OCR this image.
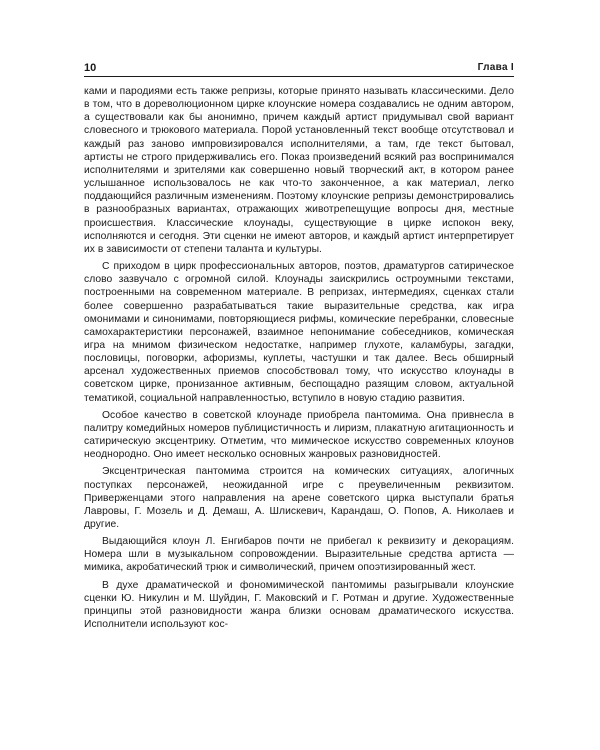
10	Глава I

ками и пародиями есть также репризы, которые принято называть классическими. Дело в том, что в дореволюционном цирке клоунские номера создавались не одним автором, а существовали как бы анонимно, причем каждый артист придумывал свой вариант словесного и трюкового материала. Порой установленный текст вообще отсутствовал и каждый раз заново импровизировался исполнителями, а там, где текст бытовал, артисты не строго придерживались его. Показ произведений всякий раз воспринимался исполнителями и зрителями как совершенно новый творческий акт, в котором ранее услышанное использовалось не как что-то законченное, а как материал, легко поддающийся различным изменениям. Поэтому клоунские репризы демонстрировались в разнообразных вариантах, отражающих животрепещущие вопросы дня, местные происшествия. Классические клоунады, существующие в цирке испокон веку, исполняются и сегодня. Эти сценки не имеют авторов, и каждый артист интерпретирует их в зависимости от степени таланта и культуры.

С приходом в цирк профессиональных авторов, поэтов, драматургов сатирическое слово зазвучало с огромной силой. Клоунады заискрились остроумными текстами, построенными на современном материале. В репризах, интермедиях, сценках стали более совершенно разрабатываться такие выразительные средства, как игра омонимами и синонимами, повторяющиеся рифмы, комические перебранки, словесные самохарактеристики персонажей, взаимное непонимание собеседников, комическая игра на мнимом физическом недостатке, например глухоте, каламбуры, загадки, пословицы, поговорки, афоризмы, куплеты, частушки и так далее. Весь обширный арсенал художественных приемов способствовал тому, что искусство клоунады в советском цирке, пронизанное активным, беспощадно разящим словом, актуальной тематикой, социальной направленностью, вступило в новую стадию развития.

Особое качество в советской клоунаде приобрела пантомима. Она привнесла в палитру комедийных номеров публицистичность и лиризм, плакатную агитационность и сатирическую эксцентрику. Отметим, что мимическое искусство современных клоунов неоднородно. Оно имеет несколько основных жанровых разновидностей.

Эксцентрическая пантомима строится на комических ситуациях, алогичных поступках персонажей, неожиданной игре с преувеличенным реквизитом. Приверженцами этого направления на арене советского цирка выступали братья Лавровы, Г. Мозель и Д. Демаш, А. Шлискевич, Карандаш, О. Попов, А. Николаев и другие.

Выдающийся клоун Л. Енгибаров почти не прибегал к реквизиту и декорациям. Номера шли в музыкальном сопровождении. Выразительные средства артиста — мимика, акробатический трюк и символический, причем опоэтизированный жест.

В духе драматической и фономимической пантомимы разыгрывали клоунские сценки Ю. Никулин и М. Шуйдин, Г. Маковский и Г. Ротман и другие. Художественные принципы этой разновидности жанра близки основам драматического искусства. Исполнители используют кос-
